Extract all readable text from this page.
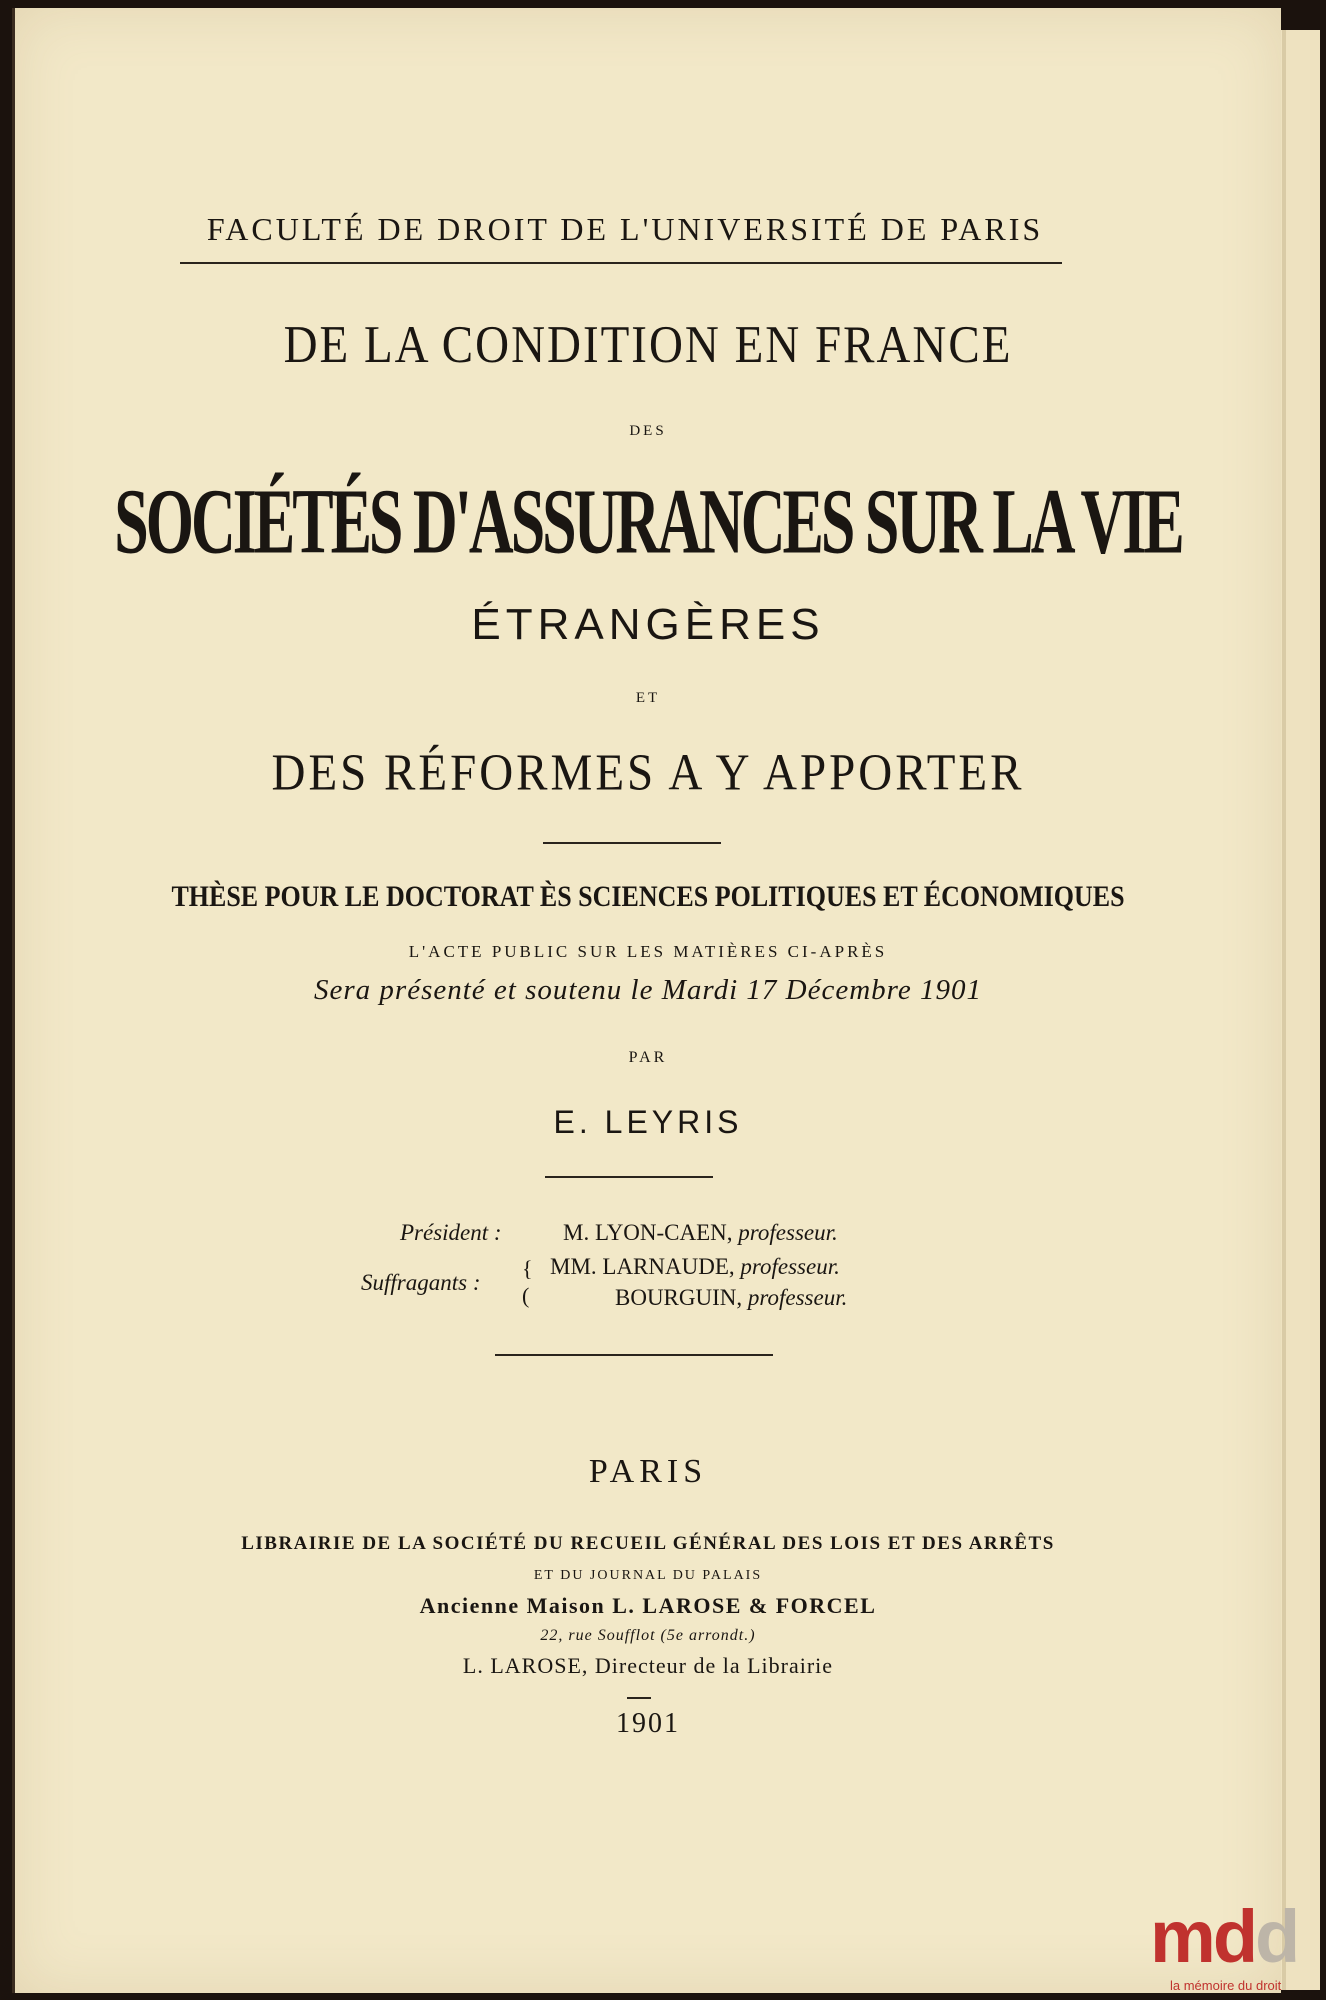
FACULTÉ DE DROIT DE L'UNIVERSITÉ DE PARIS
DE LA CONDITION EN FRANCE
DES
SOCIÉTÉS D'ASSURANCES SUR LA VIE
ÉTRANGÈRES
ET
DES RÉFORMES A Y APPORTER
THÈSE POUR LE DOCTORAT ÈS SCIENCES POLITIQUES ET ÉCONOMIQUES
L'ACTE PUBLIC SUR LES MATIÈRES CI-APRÈS
Sera présenté et soutenu le Mardi 17 Décembre 1901
PAR
E. LEYRIS
Président :	M. LYON-CAEN, professeur.
Suffragants :
{
(
MM. LARNAUDE, professeur.
BOURGUIN, professeur.
PARIS
LIBRAIRIE DE LA SOCIÉTÉ DU RECUEIL GÉNÉRAL DES LOIS ET DES ARRÊTS
ET DU JOURNAL DU PALAIS
Ancienne Maison L. LAROSE & FORCEL
22, rue Soufflot (5e arrondt.)
L. LAROSE, Directeur de la Librairie
1901
mdd
la mémoire du droit
